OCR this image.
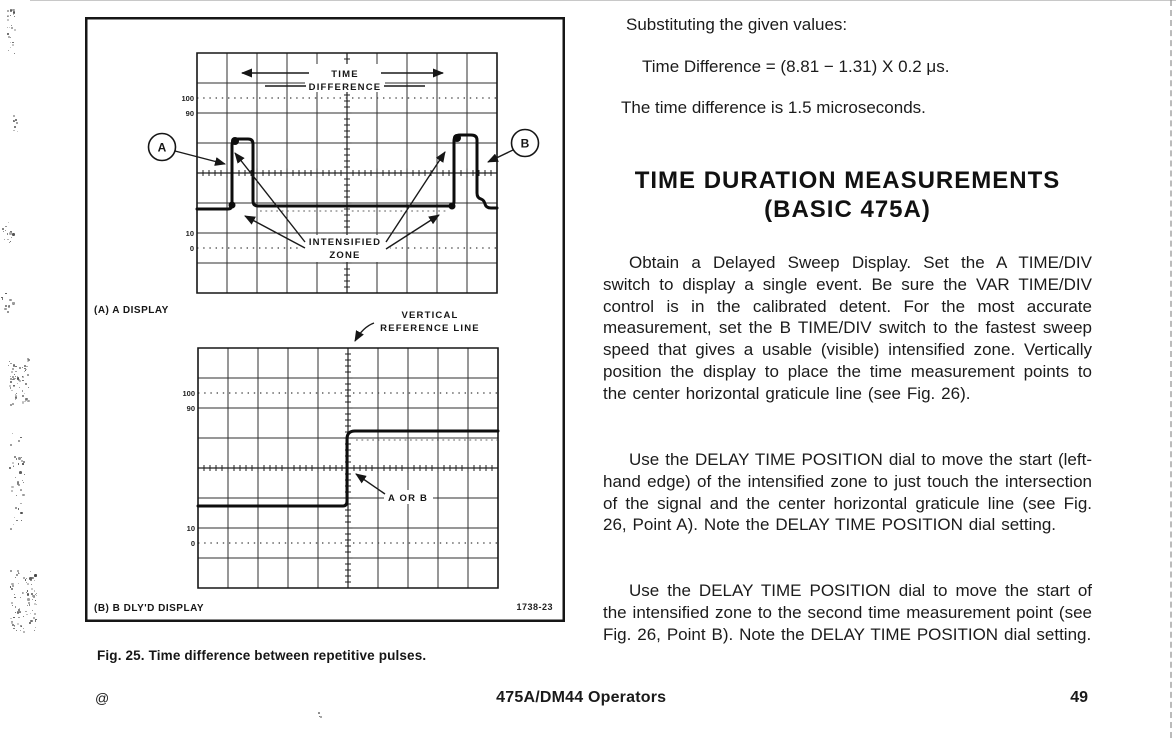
TIME
DIFFERENCE
A	B
INTENSIFIED
ZONE
100
90
10
0
(A) A DISPLAY	VERTICAL
REFERENCE LINE
A OR B
100
90
10
0
(B) B DLY'D DISPLAY	1738-23
Fig. 25. Time difference between repetitive pulses.
Substituting the given values:
Time Difference = (8.81 − 1.31) X 0.2 μs.
The time difference is 1.5 microseconds.
TIME DURATION MEASUREMENTS
(BASIC 475A)
Obtain a Delayed Sweep Display. Set the A TIME/DIV switch to display a single event. Be sure the VAR TIME/DIV control is in the calibrated detent. For the most accurate measurement, set the B TIME/DIV switch to the fastest sweep speed that gives a usable (visible) intensified zone. Vertically position the display to place the time measurement points to the center horizontal graticule line (see Fig. 26).
Use the DELAY TIME POSITION dial to move the start (left-hand edge) of the intensified zone to just touch the intersection of the signal and the center horizontal graticule line (see Fig. 26, Point A). Note the DELAY TIME POSITION dial setting.
Use the DELAY TIME POSITION dial to move the start of the intensified zone to the second time measurement point (see Fig. 26, Point B). Note the DELAY TIME POSITION dial setting.
@	475A/DM44 Operators	49
